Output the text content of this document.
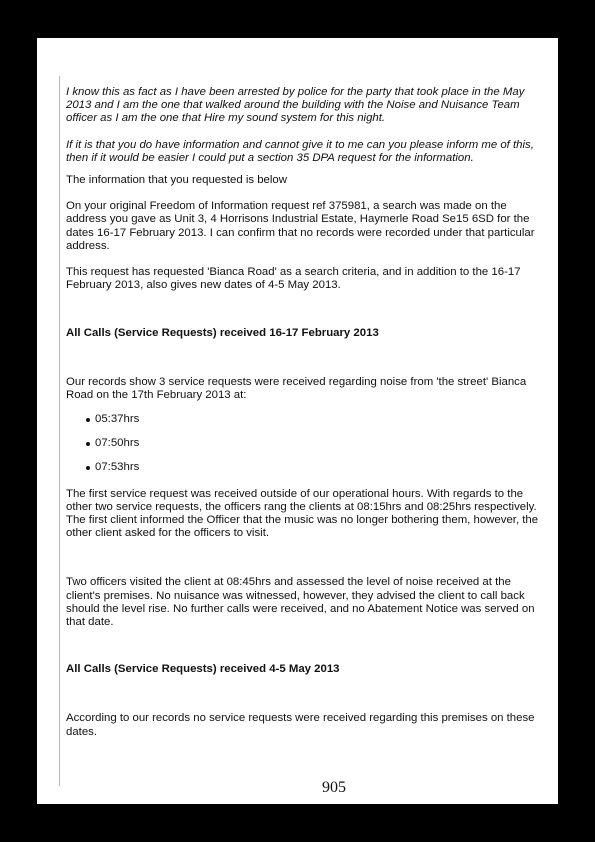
I know this as fact as I have been arrested by police for the party that took place in the May 2013 and I am the one that walked around the building with the Noise and Nuisance Team officer as I am the one that Hire my sound system for this night.

If it is that you do have information and cannot give it to me can you please inform me of this, then if it would be easier I could put a section 35 DPA request for the information.

The information that you requested is below

On your original Freedom of Information request ref 375981, a search was made on the address you gave as Unit 3, 4 Horrisons Industrial Estate, Haymerle Road Se15 6SD for the dates 16-17 February 2013. I can confirm that no records were recorded under that particular address.

This request has requested 'Bianca Road' as a search criteria, and in addition to the 16-17 February 2013, also gives new dates of 4-5 May 2013.

All Calls (Service Requests) received 16-17 February 2013

Our records show 3 service requests were received regarding noise from 'the street' Bianca Road on the 17th February 2013 at:

05:37hrs
07:50hrs
07:53hrs

The first service request was received outside of our operational hours. With regards to the other two service requests, the officers rang the clients at 08:15hrs and 08:25hrs respectively. The first client informed the Officer that the music was no longer bothering them, however, the other client asked for the officers to visit.

Two officers visited the client at 08:45hrs and assessed the level of noise received at the client's premises. No nuisance was witnessed, however, they advised the client to call back should the level rise. No further calls were received, and no Abatement Notice was served on that date.

All Calls (Service Requests) received 4-5 May 2013

According to our records no service requests were received regarding this premises on these dates.

905
